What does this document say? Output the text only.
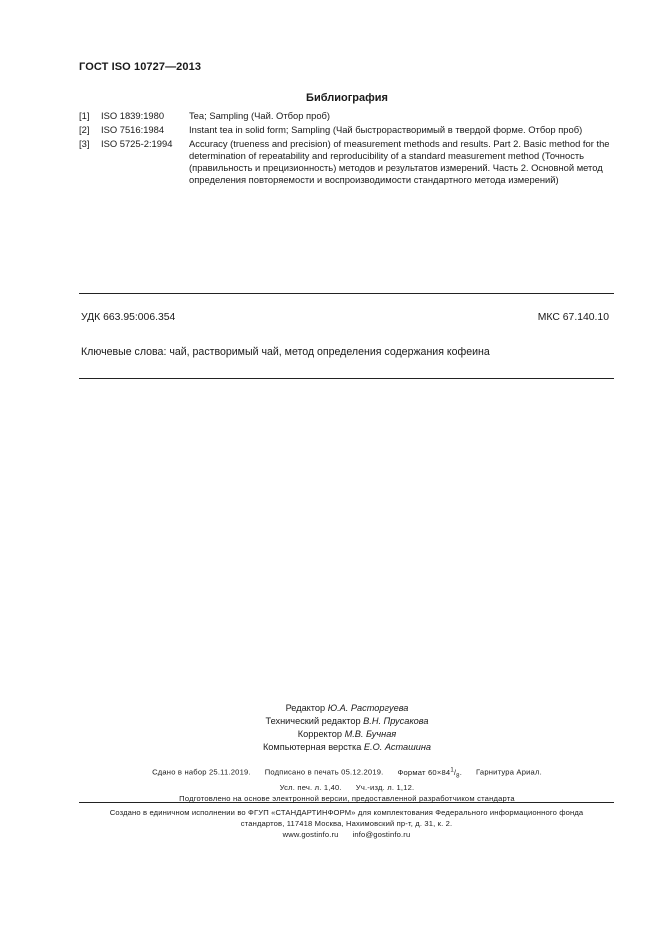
ГОСТ ISO 10727—2013
Библиография
[1]	ISO 1839:1980	Tea; Sampling (Чай. Отбор проб)
[2]	ISO 7516:1984	Instant tea in solid form; Sampling (Чай быстрорастворимый в твердой форме. Отбор проб)
[3]	ISO 5725-2:1994	Accuracy (trueness and precision) of measurement methods and results. Part 2. Basic method for the determination of repeatability and reproducibility of a standard measurement method (Точность (правильность и прецизионность) методов и результатов измерений. Часть 2. Основной метод определения повторяемости и воспроизводимости стандартного метода измерений)
УДК 663.95:006.354	МКС 67.140.10
Ключевые слова: чай, растворимый чай, метод определения содержания кофеина
Редактор Ю.А. Расторгуева
Технический редактор В.Н. Прусакова
Корректор М.В. Бучная
Компьютерная верстка Е.О. Асташина
Сдано в набор 25.11.2019. Подписано в печать 05.12.2019. Формат $60\times 84^1/_8$. Гарнитура Ариал.
Усл. печ. л. 1,40. Уч.-изд. л. 1,12.
Подготовлено на основе электронной версии, предоставленной разработчиком стандарта
Создано в единичном исполнении во ФГУП «СТАНДАРТИНФОРМ» для комплектования Федерального информационного фонда
стандартов, 117418 Москва, Нахимовский пр-т, д. 31, к. 2.
www.gostinfo.ru info@gostinfo.ru
